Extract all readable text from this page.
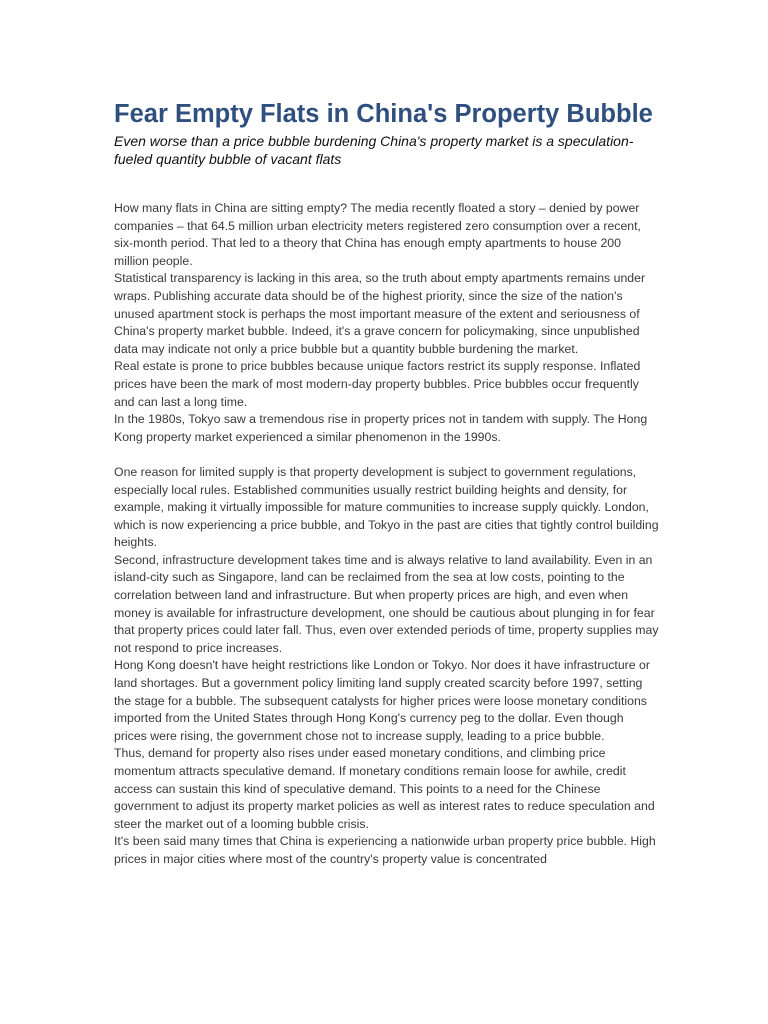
Fear Empty Flats in China's Property Bubble

Even worse than a price bubble burdening China's property market is a speculation-fueled quantity bubble of vacant flats

How many flats in China are sitting empty? The media recently floated a story – denied by power companies – that 64.5 million urban electricity meters registered zero consumption over a recent, six-month period. That led to a theory that China has enough empty apartments to house 200 million people.

Statistical transparency is lacking in this area, so the truth about empty apartments remains under wraps. Publishing accurate data should be of the highest priority, since the size of the nation's unused apartment stock is perhaps the most important measure of the extent and seriousness of China's property market bubble. Indeed, it's a grave concern for policymaking, since unpublished data may indicate not only a price bubble but a quantity bubble burdening the market.

Real estate is prone to price bubbles because unique factors restrict its supply response. Inflated prices have been the mark of most modern-day property bubbles. Price bubbles occur frequently and can last a long time.

In the 1980s, Tokyo saw a tremendous rise in property prices not in tandem with supply. The Hong Kong property market experienced a similar phenomenon in the 1990s.

One reason for limited supply is that property development is subject to government regulations, especially local rules. Established communities usually restrict building heights and density, for example, making it virtually impossible for mature communities to increase supply quickly. London, which is now experiencing a price bubble, and Tokyo in the past are cities that tightly control building heights.

Second, infrastructure development takes time and is always relative to land availability. Even in an island-city such as Singapore, land can be reclaimed from the sea at low costs, pointing to the correlation between land and infrastructure. But when property prices are high, and even when money is available for infrastructure development, one should be cautious about plunging in for fear that property prices could later fall. Thus, even over extended periods of time, property supplies may not respond to price increases.

Hong Kong doesn't have height restrictions like London or Tokyo. Nor does it have infrastructure or land shortages. But a government policy limiting land supply created scarcity before 1997, setting the stage for a bubble. The subsequent catalysts for higher prices were loose monetary conditions imported from the United States through Hong Kong's currency peg to the dollar. Even though prices were rising, the government chose not to increase supply, leading to a price bubble.

Thus, demand for property also rises under eased monetary conditions, and climbing price momentum attracts speculative demand. If monetary conditions remain loose for awhile, credit access can sustain this kind of speculative demand. This points to a need for the Chinese government to adjust its property market policies as well as interest rates to reduce speculation and steer the market out of a looming bubble crisis.

It's been said many times that China is experiencing a nationwide urban property price bubble. High prices in major cities where most of the country's property value is concentrated
